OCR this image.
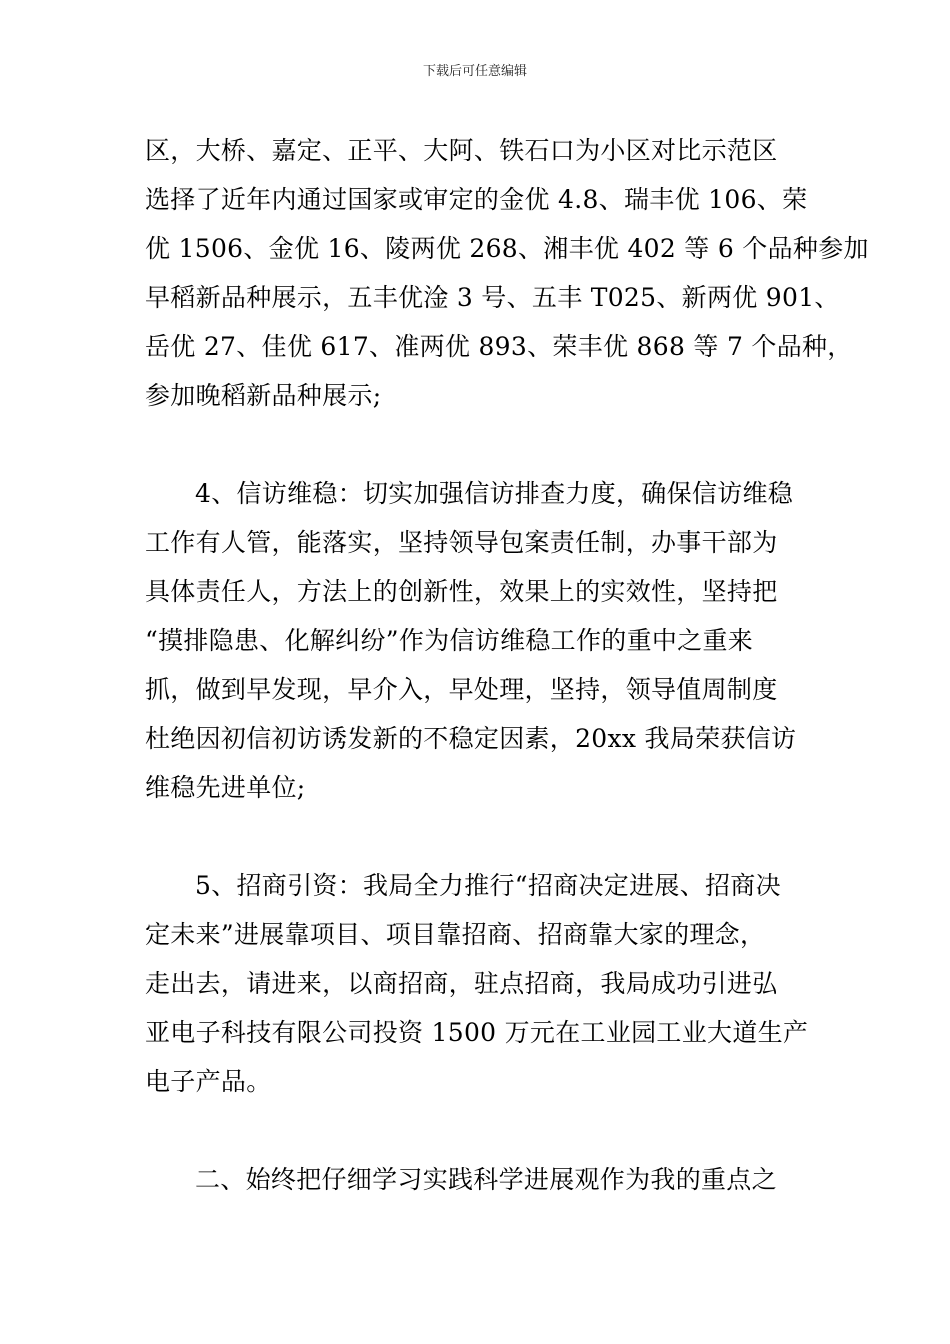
下载后可任意编辑
区，大桥、嘉定、正平、大阿、铁石口为小区对比示范区
选择了近年内通过国家或审定的金优 4.8、瑞丰优 106、荣
优 1506、金优 16、陵两优 268、湘丰优 402 等 6 个品种参加
早稻新品种展示，五丰优淦 3 号、五丰 T025、新两优 901、
岳优 27、佳优 617、准两优 893、荣丰优 868 等 7 个品种，
参加晚稻新品种展示;
4、信访维稳：切实加强信访排查力度，确保信访维稳
工作有人管，能落实，坚持领导包案责任制，办事干部为
具体责任人，方法上的创新性，效果上的实效性，坚持把
“摸排隐患、化解纠纷”作为信访维稳工作的重中之重来
抓，做到早发现，早介入，早处理，坚持，领导值周制度
杜绝因初信初访诱发新的不稳定因素，20xx 我局荣获信访
维稳先进单位;
5、招商引资：我局全力推行“招商决定进展、招商决
定未来”进展靠项目、项目靠招商、招商靠大家的理念，
走出去，请进来，以商招商，驻点招商，我局成功引进弘
亚电子科技有限公司投资 1500 万元在工业园工业大道生产
电子产品。
二、始终把仔细学习实践科学进展观作为我的重点之
